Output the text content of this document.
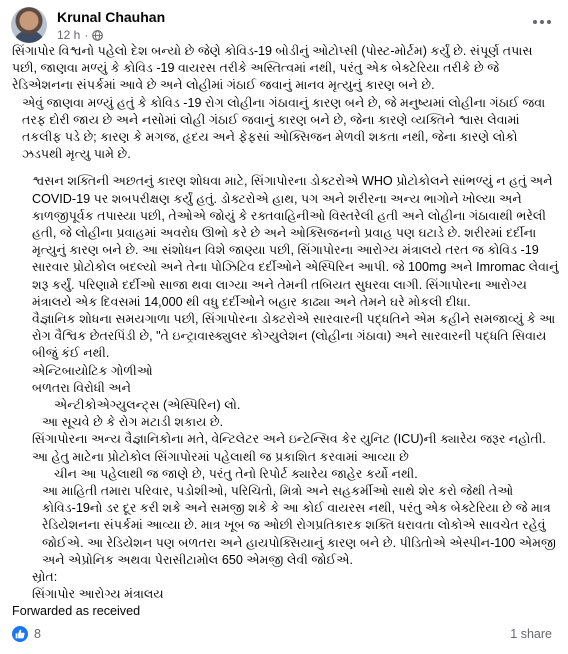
Krunal Chauhan
12 h ·

સિંગાપોર વિશ્વનો પહેલો દેશ બન્યો છે જેણે કોવિડ-19 બોડીનું ઓટોપ્સી (પોસ્ટ-મોર્ટમ) કર્યું છે. સંપૂર્ણ તપાસ પછી, જાણવા મળ્યું કે કોવિડ -19 વાયરસ તરીકે અસ્તિત્વમાં નથી, પરંતુ એક બેક્ટેરિયા તરીકે છે જે રેડિએશનના સંપર્કમાં આવે છે અને લોહીમાં ગંઠાઈ જવાનું માનવ મૃત્યુનું કારણ બને છે.

એવું જાણવા મળ્યું હતું કે કોવિડ -19 રોગ લોહીના ગંઠાવાનું કારણ બને છે, જે મનુષ્યમાં લોહીના ગંઠાઈ જવા તરફ દોરી જાય છે અને નસોમાં લોહી ગંઠાઈ જવાનું કારણ બને છે, જેના કારણે વ્યક્તિને શ્વાસ લેવામાં તકલીફ પડે છે; કારણ કે મગજ, હૃદય અને ફેફસાં ઓક્સિજન મેળવી શકતા નથી, જેના કારણે લોકો ઝડપથી મૃત્યુ પામે છે.

શ્વસન શક્તિની અછતનું કારણ શોધવા માટે, સિંગાપોરના ડોક્ટરોએ WHO પ્રોટોકોલને સાંભળ્યું ન હતું અને COVID-19 પર શબપરીક્ષણ કર્યું હતું. ડોક્ટરોએ હાથ, પગ અને શરીરના અન્ય ભાગોને ખોલ્યા અને કાળજીપૂર્વક તપાસ્યા પછી, તેઓએ જોયું કે રક્તવાહિનીઓ વિસ્તરેલી હતી અને લોહીના ગંઠાવાથી ભરેલી હતી, જે લોહીના પ્રવાહમાં અવરોધ ઊભો કરે છે અને ઓક્સિજનનો પ્રવાહ પણ ઘટાડે છે. શરીરમાં દર્દીના મૃત્યુનું કારણ બને છે. આ સંશોધન વિશે જાણ્યા પછી, સિંગાપોરના આરોગ્ય મંત્રાલયે તરત જ કોવિડ -19 સારવાર પ્રોટોકોલ બદલ્યો અને તેના પોઝિટિવ દર્દીઓને એસ્પિરિન આપી. જે 100mg અને Imromac લેવાનું શરૂ કર્યું. પરિણામે દર્દીઓ સાજા થવા લાગ્યા અને તેમની તબિયત સુધરવા લાગી. સિંગાપોરના આરોગ્ય મંત્રાલયે એક દિવસમાં 14,000 થી વધુ દર્દીઓને બહાર કાઢ્યા અને તેમને ઘરે મોકલી દીધા.

વૈજ્ઞાનિક શોધના સમયગાળા પછી, સિંગાપોરના ડોક્ટરોએ સારવારની પદ્ધતિને એમ કહીને સમજાવ્યું કે આ રોગ વૈશ્વિક છેતરપિંડી છે, "તે ઇન્ટ્રાવાસ્ક્યુલર કોગ્યુલેશન (લોહીના ગંઠાવા) અને સારવારની પદ્ધતિ સિવાય બીજું કંઈ નથી.

એન્ટિબાયોટિક ગોળીઓ

બળતરા વિરોધી અને

એન્ટીકોએગ્યુલન્ટ્સ (એસ્પિરિન) લો.

આ સૂચવે છે કે રોગ મટાડી શકાય છે.

સિંગાપોરના અન્ય વૈજ્ઞાનિકોના મતે, વેન્ટિલેટર અને ઇન્ટેન્સિવ કેર યુનિટ (ICU)ની ક્યારેય જરૂર નહોતી. આ હેતુ માટેના પ્રોટોકોલ સિંગાપોરમાં પહેલાથી જ પ્રકાશિત કરવામાં આવ્યા છે

ચીન આ પહેલાથી જ જાણે છે, પરંતુ તેનો રિપોર્ટ ક્યારેય જાહેર કર્યો નથી.

આ માહિતી તમારા પરિવાર, પડોશીઓ, પરિચિતો, મિત્રો અને સહકર્મીઓ સાથે શેર કરો જેથી તેઓ કોવિડ-19નો ડર દૂર કરી શકે અને સમજી શકે કે આ કોઈ વાયરસ નથી, પરંતુ એક બેક્ટેરિયા છે જે માત્ર રેડિયેશનના સંપર્કમાં આવ્યા છે. માત્ર ખૂબ જ ઓછી રોગપ્રતિકારક શક્તિ ધરાવતા લોકોએ સાવચેત રહેવું જોઈએ. આ રેડિયેશન પણ બળતરા અને હાયપોક્સિયાનું કારણ બને છે. પીડિતોએ એસ્પીન-100 એમજી અને એપ્રોનિક અથવા પેરાસીટામોલ 650 એમજી લેવી જોઈએ.

સ્રોત:

સિંગાપોર આરોગ્ય મંત્રાલય

Forwarded as received
8	1 share
